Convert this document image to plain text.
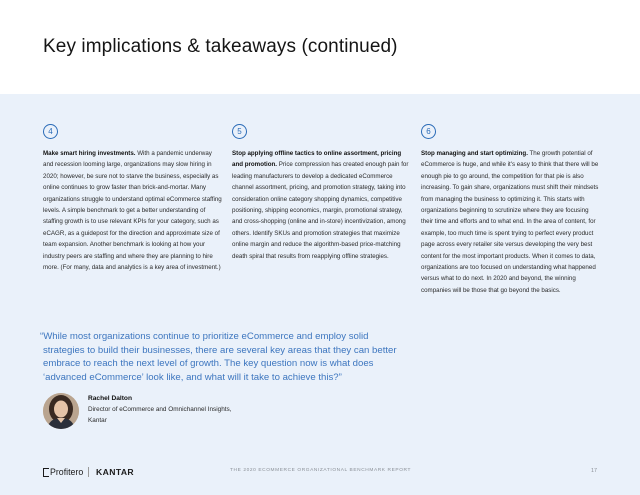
Key implications & takeaways (continued)
4

Make smart hiring investments. With a pandemic underway and recession looming large, organizations may slow hiring in 2020; however, be sure not to starve the business, especially as online continues to grow faster than brick-and-mortar. Many organizations struggle to understand optimal eCommerce staffing levels. A simple benchmark to get a better understanding of staffing growth is to use relevant KPIs for your category, such as eCAGR, as a guidepost for the direction and approximate size of team expansion. Another benchmark is looking at how your industry peers are staffing and where they are planning to hire more. (For many, data and analytics is a key area of investment.)

5

Stop applying offline tactics to online assortment, pricing and promotion. Price compression has created enough pain for leading manufacturers to develop a dedicated eCommerce channel assortment, pricing, and promotion strategy, taking into consideration online category shopping dynamics, competitive positioning, shipping economics, margin, promotional strategy, and cross-shopping (online and in-store) incentivization, among others. Identify SKUs and promotion strategies that maximize online margin and reduce the algorithm-based price-matching death spiral that results from reapplying offline strategies.

6

Stop managing and start optimizing. The growth potential of eCommerce is huge, and while it's easy to think that there will be enough pie to go around, the competition for that pie is also increasing. To gain share, organizations must shift their mindsets from managing the business to optimizing it. This starts with organizations beginning to scrutinize where they are focusing their time and efforts and to what end. In the area of content, for example, too much time is spent trying to perfect every product page across every retailer site versus developing the very best content for the most important products. When it comes to data, organizations are too focused on understanding what happened versus what to do next. In 2020 and beyond, the winning companies will be those that go beyond the basics.

“While most organizations continue to prioritize eCommerce and employ solid strategies to build their businesses, there are several key areas that they can better embrace to reach the next level of growth. The key question now is what does ‘advanced eCommerce’ look like, and what will it take to achieve this?”

Rachel Dalton

Director of eCommerce and Omnichannel Insights,

Kantar

Profitero KANTAR	THE 2020 ECOMMERCE ORGANIZATIONAL BENCHMARK REPORT	17
